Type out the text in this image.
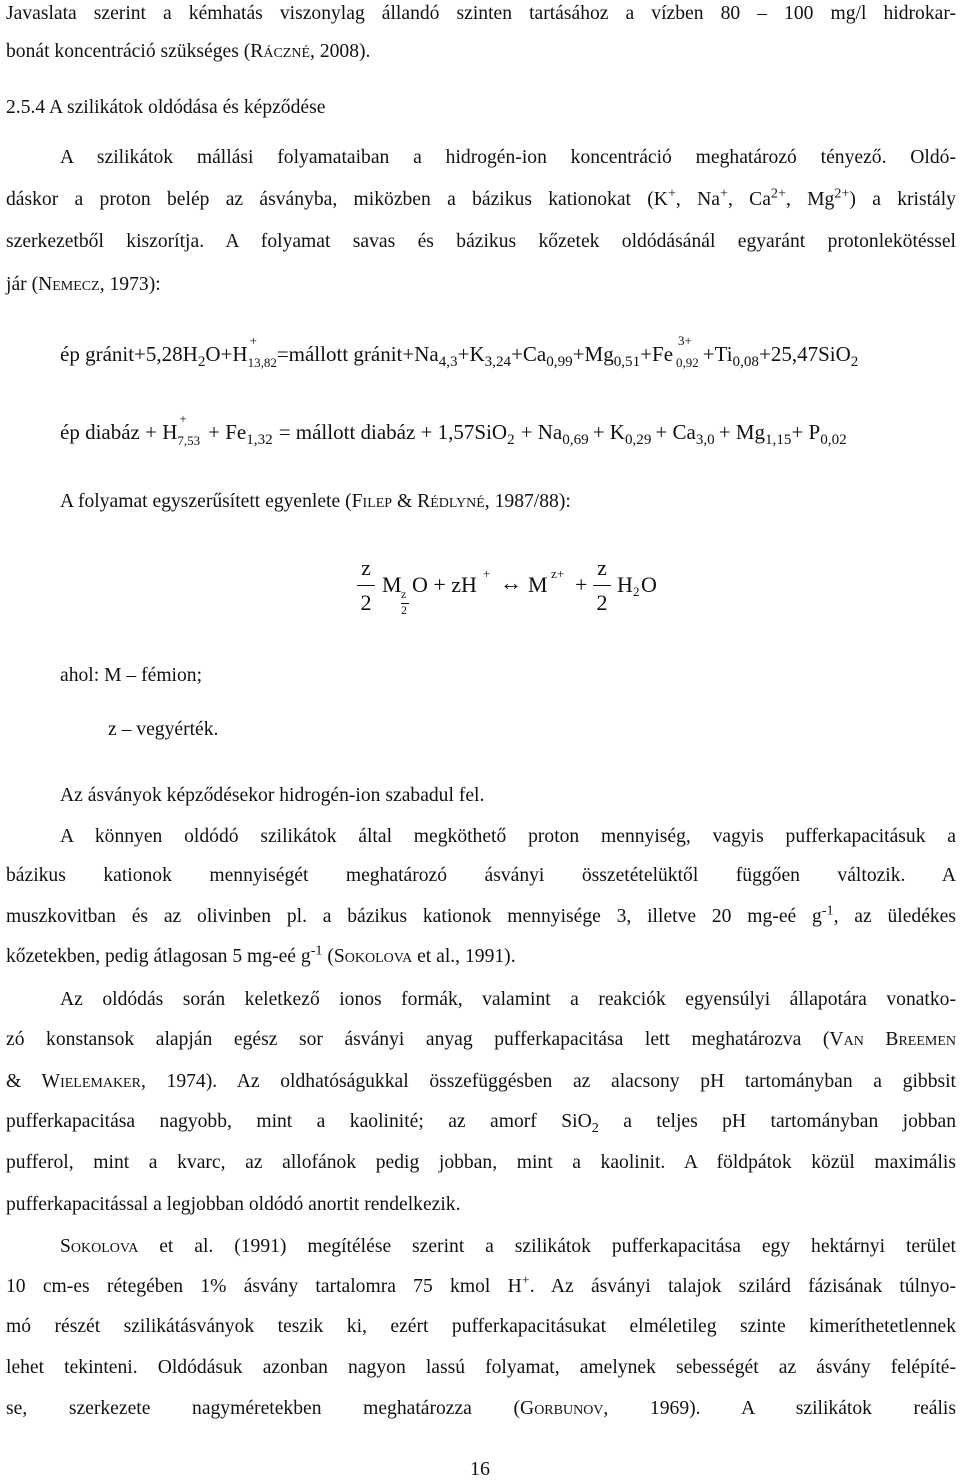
Javaslata szerint a kémhatás viszonylag állandó szinten tartásához a vízben 80 – 100 mg/l hidrokar-
bonát koncentráció szükséges (Ráczné, 2008).
2.5.4 A szilikátok oldódása és képződése
A szilikátok mállási folyamataiban a hidrogén-ion koncentráció meghatározó tényező. Oldó-
dáskor a proton belép az ásványba, miközben a bázikus kationokat (K+, Na+, $Ca^{2+}$, $Mg^{2+}$) a kristály
szerkezetből kiszorítja. A folyamat savas és bázikus kőzetek oldódásánál egyaránt protonlekötéssel
jár (Nemecz, 1973):
ép $gránit+5,28H_2O+H$
+
13,82=mállott $gránit+Na_{4,3}+K_{3,24}+Ca_{0,99}+Mg_{0,51}+Fe$
3+
$0,92 +Ti_{0,08}+25,47SiO_2$
ép diabáz + H
+
$7,53 + Fe_{1,32}$ = mállott diabáz + $1,57SiO_2 + Na_{0,69} + K_{0,29} + Ca_{3,0} + Mg_{1,15}+ P_{0,02}$
A folyamat egyszerűsített egyenlete (Filep & Rédlyné, 1987/88):
z
2
M z
2
O + zH + ↔ M z+ +
z
2
H 2 O
ahol: M – fémion;
z – vegyérték.
Az ásványok képződésekor hidrogén-ion szabadul fel.
A könnyen oldódó szilikátok által megköthető proton mennyiség, vagyis pufferkapacitásuk a
bázikus kationok mennyiségét meghatározó ásványi összetételüktől függően változik. A
muszkovitban és az olivinben pl. a bázikus kationok mennyisége 3, illetve 20 mg-eé $g^{-1}$, az üledékes
kőzetekben, pedig átlagosan 5 mg-eé $g^{-1}$ (Sokolova et al., 1991).
Az oldódás során keletkező ionos formák, valamint a reakciók egyensúlyi állapotára vonatko-
zó konstansok alapján egész sor ásványi anyag pufferkapacitása lett meghatározva (Van Breemen
& Wielemaker, 1974). Az oldhatóságukkal összefüggésben az alacsony pH tartományban a gibbsit
pufferkapacitása nagyobb, mint a kaolinité; az amorf SiO$_2$ a teljes pH tartományban jobban
pufferol, mint a kvarc, az allofánok pedig jobban, mint a kaolinit. A földpátok közül maximális
pufferkapacitással a legjobban oldódó anortit rendelkezik.
Sokolova et al. (1991) megítélése szerint a szilikátok pufferkapacitása egy hektárnyi terület
10 cm-es rétegében 1% ásvány tartalomra 75 kmol H+. Az ásványi talajok szilárd fázisának túlnyo-
mó részét szilikátásványok teszik ki, ezért pufferkapacitásukat elméletileg szinte kimeríthetetlennek
lehet tekinteni. Oldódásuk azonban nagyon lassú folyamat, amelynek sebességét az ásvány felépíté-
se, szerkezete nagyméretekben meghatározza (Gorbunov, 1969). A szilikátok reális
16
